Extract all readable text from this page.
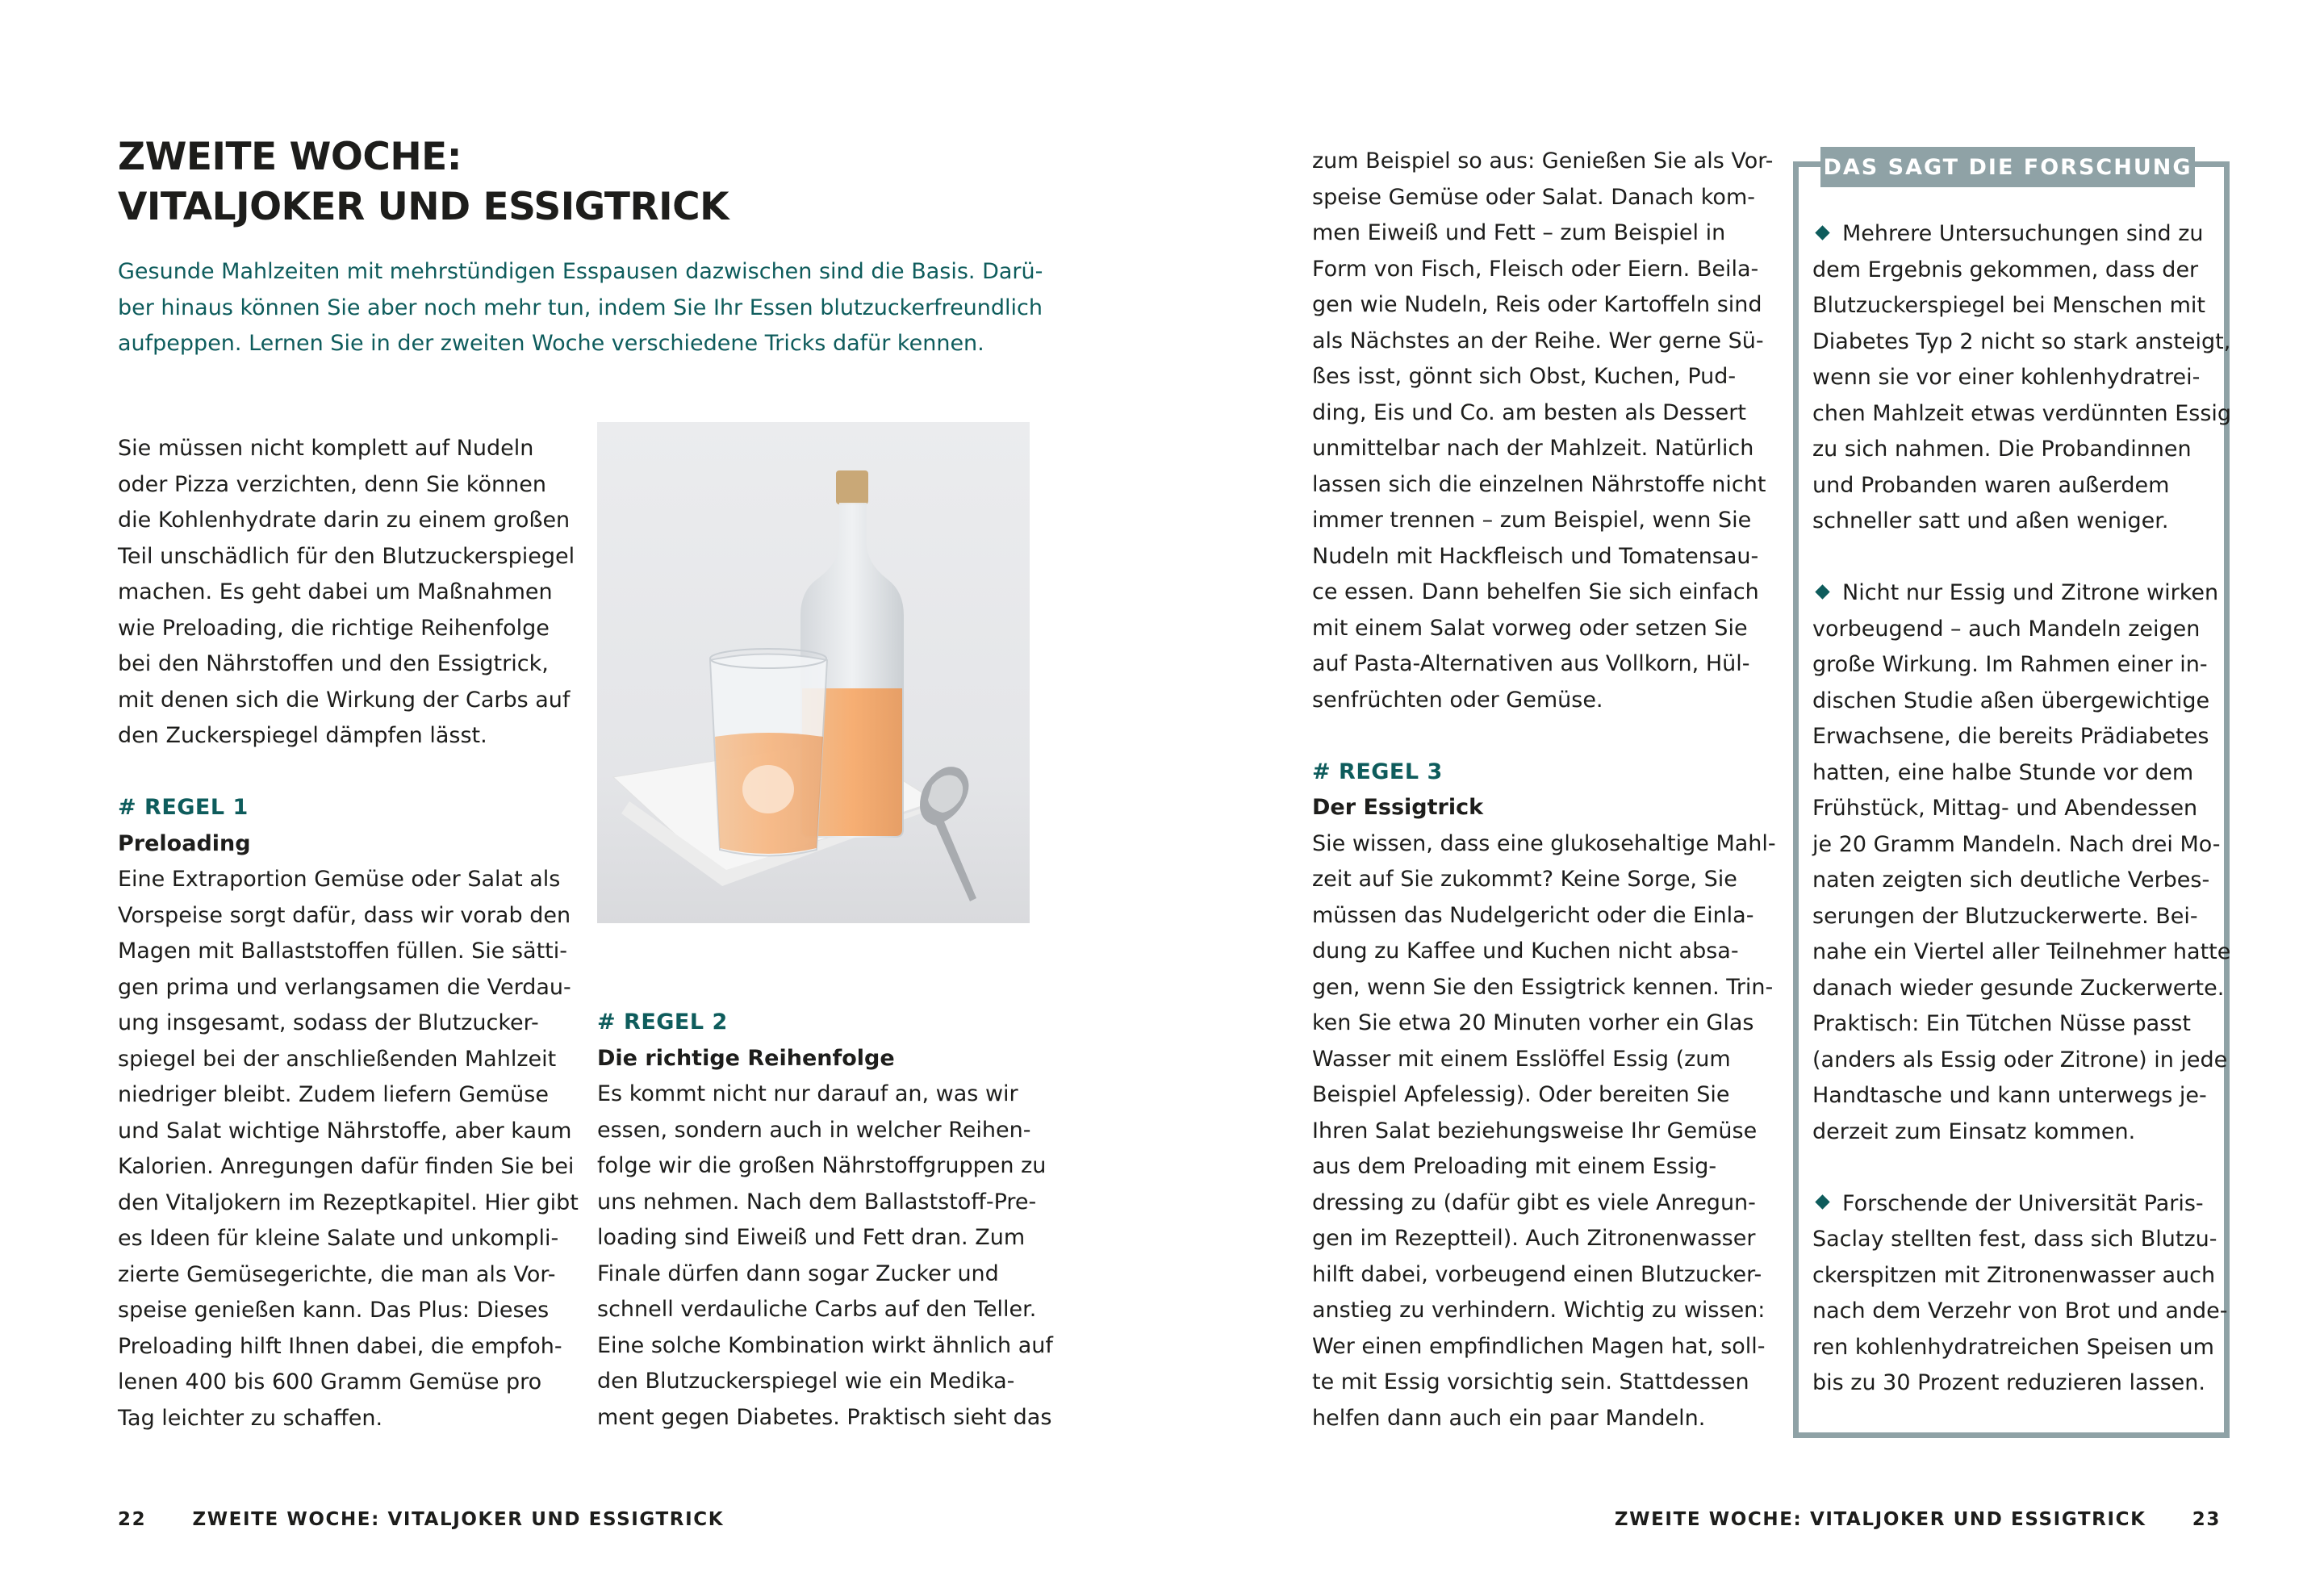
ZWEITE WOCHE:
VITALJOKER UND ESSIGTRICK
Gesunde Mahlzeiten mit mehrstündigen Esspausen dazwischen sind die Basis. Darü-
ber hinaus können Sie aber noch mehr tun, indem Sie Ihr Essen blutzuckerfreundlich
aufpeppen. Lernen Sie in der zweiten Woche verschiedene Tricks dafür kennen.
Sie müssen nicht komplett auf Nudeln
oder Pizza verzichten, denn Sie können
die Kohlenhydrate darin zu einem großen
Teil unschädlich für den Blutzuckerspiegel
machen. Es geht dabei um Maßnahmen
wie Preloading, die richtige Reihenfolge
bei den Nährstoffen und den Essigtrick,
mit denen sich die Wirkung der Carbs auf
den Zuckerspiegel dämpfen lässt.
# REGEL 1
Preloading
Eine Extraportion Gemüse oder Salat als
Vorspeise sorgt dafür, dass wir vorab den
Magen mit Ballaststoffen füllen. Sie sätti-
gen prima und verlangsamen die Verdau-
ung insgesamt, sodass der Blutzucker-
spiegel bei der anschließenden Mahlzeit
niedriger bleibt. Zudem liefern Gemüse
und Salat wichtige Nährstoffe, aber kaum
Kalorien. Anregungen dafür finden Sie bei
den Vitaljokern im Rezeptkapitel. Hier gibt
es Ideen für kleine Salate und unkompli-
zierte Gemüsegerichte, die man als Vor-
speise genießen kann. Das Plus: Dieses
Preloading hilft Ihnen dabei, die empfoh-
lenen 400 bis 600 Gramm Gemüse pro
Tag leichter zu schaffen.
# REGEL 2
Die richtige Reihenfolge
Es kommt nicht nur darauf an, was wir
essen, sondern auch in welcher Reihen-
folge wir die großen Nährstoffgruppen zu
uns nehmen. Nach dem Ballaststoff-Pre-
loading sind Eiweiß und Fett dran. Zum
Finale dürfen dann sogar Zucker und
schnell verdauliche Carbs auf den Teller.
Eine solche Kombination wirkt ähnlich auf
den Blutzuckerspiegel wie ein Medika-
ment gegen Diabetes. Praktisch sieht das
22 ZWEITE WOCHE: VITALJOKER UND ESSIGTRICK
zum Beispiel so aus: Genießen Sie als Vor-
speise Gemüse oder Salat. Danach kom-
men Eiweiß und Fett – zum Beispiel in
Form von Fisch, Fleisch oder Eiern. Beila-
gen wie Nudeln, Reis oder Kartoffeln sind
als Nächstes an der Reihe. Wer gerne Sü-
ßes isst, gönnt sich Obst, Kuchen, Pud-
ding, Eis und Co. am besten als Dessert
unmittelbar nach der Mahlzeit. Natürlich
lassen sich die einzelnen Nährstoffe nicht
immer trennen – zum Beispiel, wenn Sie
Nudeln mit Hackfleisch und Tomatensau-
ce essen. Dann behelfen Sie sich einfach
mit einem Salat vorweg oder setzen Sie
auf Pasta-Alternativen aus Vollkorn, Hül-
senfrüchten oder Gemüse.
# REGEL 3
Der Essigtrick
Sie wissen, dass eine glukosehaltige Mahl-
zeit auf Sie zukommt? Keine Sorge, Sie
müssen das Nudelgericht oder die Einla-
dung zu Kaffee und Kuchen nicht absa-
gen, wenn Sie den Essigtrick kennen. Trin-
ken Sie etwa 20 Minuten vorher ein Glas
Wasser mit einem Esslöffel Essig (zum
Beispiel Apfelessig). Oder bereiten Sie
Ihren Salat beziehungsweise Ihr Gemüse
aus dem Preloading mit einem Essig-
dressing zu (dafür gibt es viele Anregun-
gen im Rezeptteil). Auch Zitronenwasser
hilft dabei, vorbeugend einen Blutzucker-
anstieg zu verhindern. Wichtig zu wissen:
Wer einen empfindlichen Magen hat, soll-
te mit Essig vorsichtig sein. Stattdessen
helfen dann auch ein paar Mandeln.
DAS SAGT DIE FORSCHUNG
Mehrere Untersuchungen sind zu
dem Ergebnis gekommen, dass der
Blutzuckerspiegel bei Menschen mit
Diabetes Typ 2 nicht so stark ansteigt,
wenn sie vor einer kohlenhydratrei-
chen Mahlzeit etwas verdünnten Essig
zu sich nahmen. Die Probandinnen
und Probanden waren außerdem
schneller satt und aßen weniger.
Nicht nur Essig und Zitrone wirken
vorbeugend – auch Mandeln zeigen
große Wirkung. Im Rahmen einer in-
dischen Studie aßen übergewichtige
Erwachsene, die bereits Prädiabetes
hatten, eine halbe Stunde vor dem
Frühstück, Mittag- und Abendessen
je 20 Gramm Mandeln. Nach drei Mo-
naten zeigten sich deutliche Verbes-
serungen der Blutzuckerwerte. Bei-
nahe ein Viertel aller Teilnehmer hatte
danach wieder gesunde Zuckerwerte.
Praktisch: Ein Tütchen Nüsse passt
(anders als Essig oder Zitrone) in jede
Handtasche und kann unterwegs je-
derzeit zum Einsatz kommen.
Forschende der Universität Paris-
Saclay stellten fest, dass sich Blutzu-
ckerspitzen mit Zitronenwasser auch
nach dem Verzehr von Brot und ande-
ren kohlenhydratreichen Speisen um
bis zu 30 Prozent reduzieren lassen.
ZWEITE WOCHE: VITALJOKER UND ESSIGTRICK 23
